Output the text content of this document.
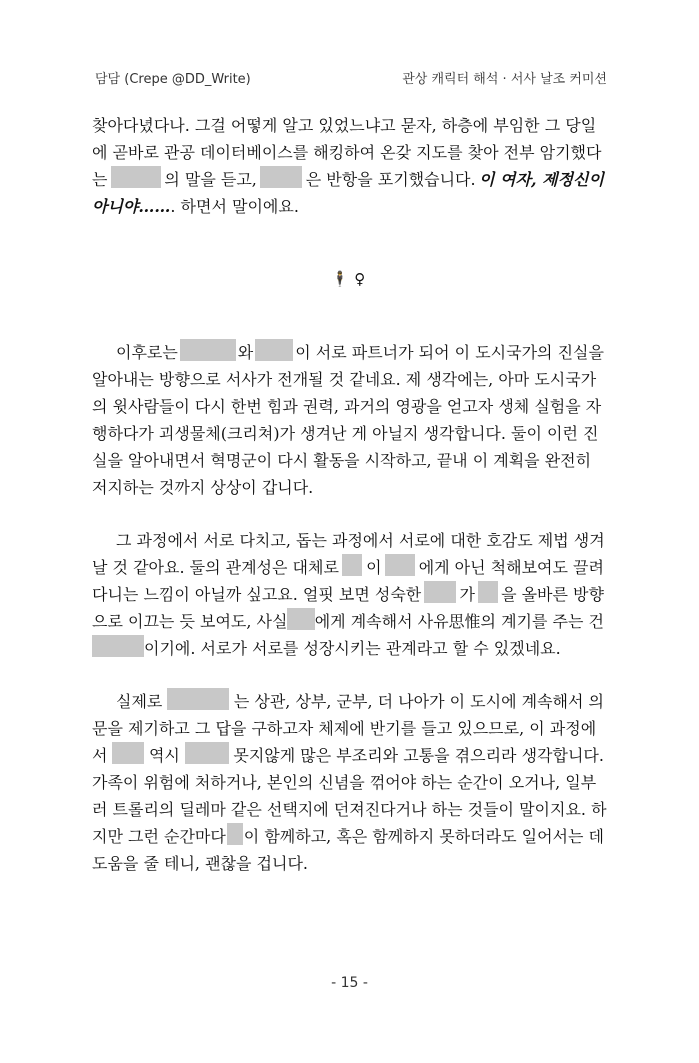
담담 (Crepe @DD_Write)	관상 캐릭터 해석 · 서사 날조 커미션
찾아다녔다나. 그걸 어떻게 알고 있었느냐고 묻자, 하층에 부임한 그 당일
에 곧바로 관공 데이터베이스를 해킹하여 온갖 지도를 찾아 전부 암기했다
는	의 말을 듣고,	은 반항을 포기했습니다. 이 여자, 제정신이
아니야…… . 하면서 말이에요.
🕴 ♀
이후로는	와	이 서로 파트너가 되어 이 도시국가의 진실을
알아내는 방향으로 서사가 전개될 것 같네요. 제 생각에는, 아마 도시국가
의 윗사람들이 다시 한번 힘과 권력, 과거의 영광을 얻고자 생체 실험을 자
행하다가 괴생물체(크리쳐)가 생겨난 게 아닐지 생각합니다. 둘이 이런 진
실을 알아내면서 혁명군이 다시 활동을 시작하고, 끝내 이 계획을 완전히
저지하는 것까지 상상이 갑니다.
그 과정에서 서로 다치고, 돕는 과정에서 서로에 대한 호감도 제법 생겨
날 것 같아요. 둘의 관계성은 대체로 이 에게 아닌 척해보여도 끌려
다니는 느낌이 아닐까 싶고요. 얼핏 보면 성숙한 가 을 올바른 방향
으로 이끄는 듯 보여도, 사실 에게 계속해서 사유思惟의 계기를 주는 건
이기에. 서로가 서로를 성장시키는 관계라고 할 수 있겠네요.
실제로	는 상관, 상부, 군부, 더 나아가 이 도시에 계속해서 의
문을 제기하고 그 답을 구하고자 체제에 반기를 들고 있으므로, 이 과정에
서	역시	못지않게 많은 부조리와 고통을 겪으리라 생각합니다.
가족이 위험에 처하거나, 본인의 신념을 꺾어야 하는 순간이 오거나, 일부
러 트롤리의 딜레마 같은 선택지에 던져진다거나 하는 것들이 말이지요. 하
지만 그런 순간마다 이 함께하고, 혹은 함께하지 못하더라도 일어서는 데
도움을 줄 테니, 괜찮을 겁니다.
- 15 -
